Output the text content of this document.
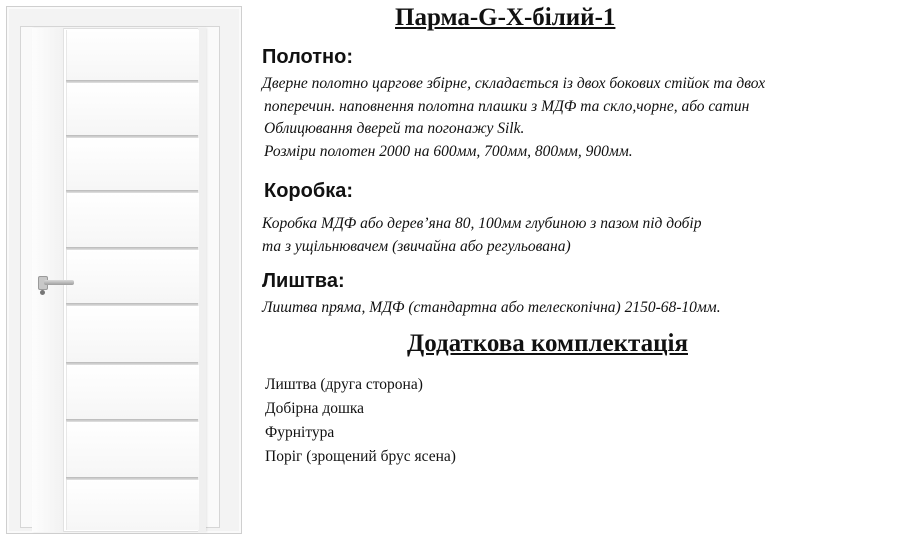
Парма-G-Х-білий-1
Полотно:

Дверне полотно царгове збірне, складається із двох бокових стійок та двох
поперечин. наповнення полотна плашки з МДФ та скло,чорне, або сатин
Облицювання дверей та погонажу Silk.
Розміри полотен 2000 на 600мм, 700мм, 800мм, 900мм.

Коробка:

Коробка МДФ або дерев’яна 80, 100мм глубиною з пазом під добір
та з ущільнювачем (звичайна або регульована)

Лиштва:

Лиштва пряма, МДФ (стандартна або телескопічна) 2150-68-10мм.

Додаткова комплектація
Лиштва (друга сторона)
Добірна дошка
Фурнітура
Поріг (зрощений брус ясена)
